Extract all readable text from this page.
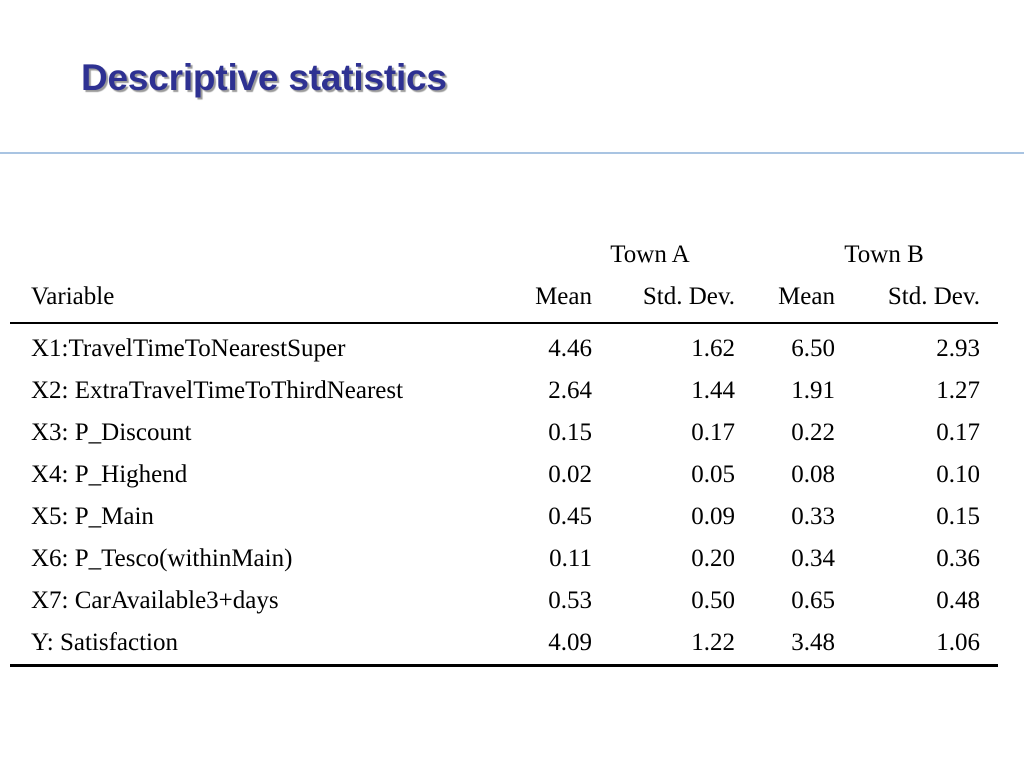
Descriptive statistics
Town A	Town B
Variable 	Mean Std. Dev. Mean Std. Dev.
X1:TravelTimeToNearestSuper	4.46	1.62 6.50	2.93
X2: ExtraTravelTimeToThirdNearest	2.64	1.44 1.91	1.27
X3: P_Discount	0.15	0.17 0.22	0.17
X4: P_Highend	0.02	0.05 0.08	0.10
X5: P_Main	0.45	0.09 0.33	0.15
X6: P_Tesco(withinMain)	0.11	0.20 0.34	0.36
X7: CarAvailable3+days	0.53	0.50 0.65	0.48
Y: Satisfaction	4.09	1.22 3.48	1.06
